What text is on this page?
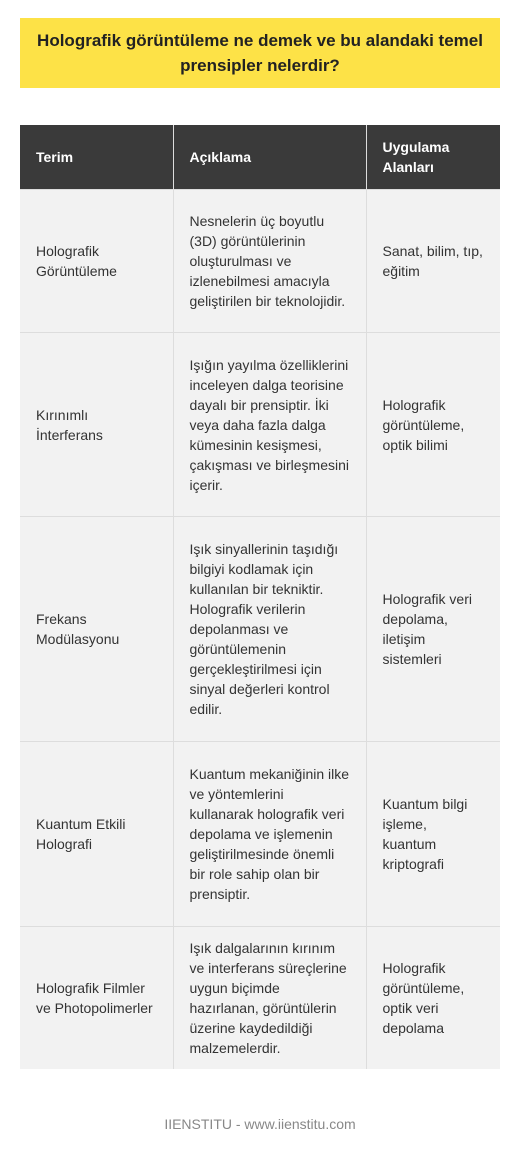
Holografik görüntüleme ne demek ve bu alandaki temel prensipler nelerdir?
Terim	Açıklama	Uygulama Alanları
Holografik Görüntüleme	Nesnelerin üç boyutlu (3D) görüntülerinin oluşturulması ve izlenebilmesi amacıyla geliştirilen bir teknolojidir.	Sanat, bilim, tıp, eğitim
Kırınımlı İnterferans	Işığın yayılma özelliklerini inceleyen dalga teorisine dayalı bir prensiptir. İki veya daha fazla dalga kümesinin kesişmesi, çakışması ve birleşmesini içerir.	Holografik görüntüleme, optik bilimi
Frekans Modülasyonu	Işık sinyallerinin taşıdığı bilgiyi kodlamak için kullanılan bir tekniktir. Holografik verilerin depolanması ve görüntülemenin gerçekleştirilmesi için sinyal değerleri kontrol edilir.	Holografik veri depolama, iletişim sistemleri
Kuantum Etkili Holografi	Kuantum mekaniğinin ilke ve yöntemlerini kullanarak holografik veri depolama ve işlemenin geliştirilmesinde önemli bir role sahip olan bir prensiptir.	Kuantum bilgi işleme, kuantum kriptografi
Holografik Filmler ve Photopolimerler	Işık dalgalarının kırınım ve interferans süreçlerine uygun biçimde hazırlanan, görüntülerin üzerine kaydedildiği malzemelerdir.	Holografik görüntüleme, optik veri depolama
IIENSTITU - www.iienstitu.com
